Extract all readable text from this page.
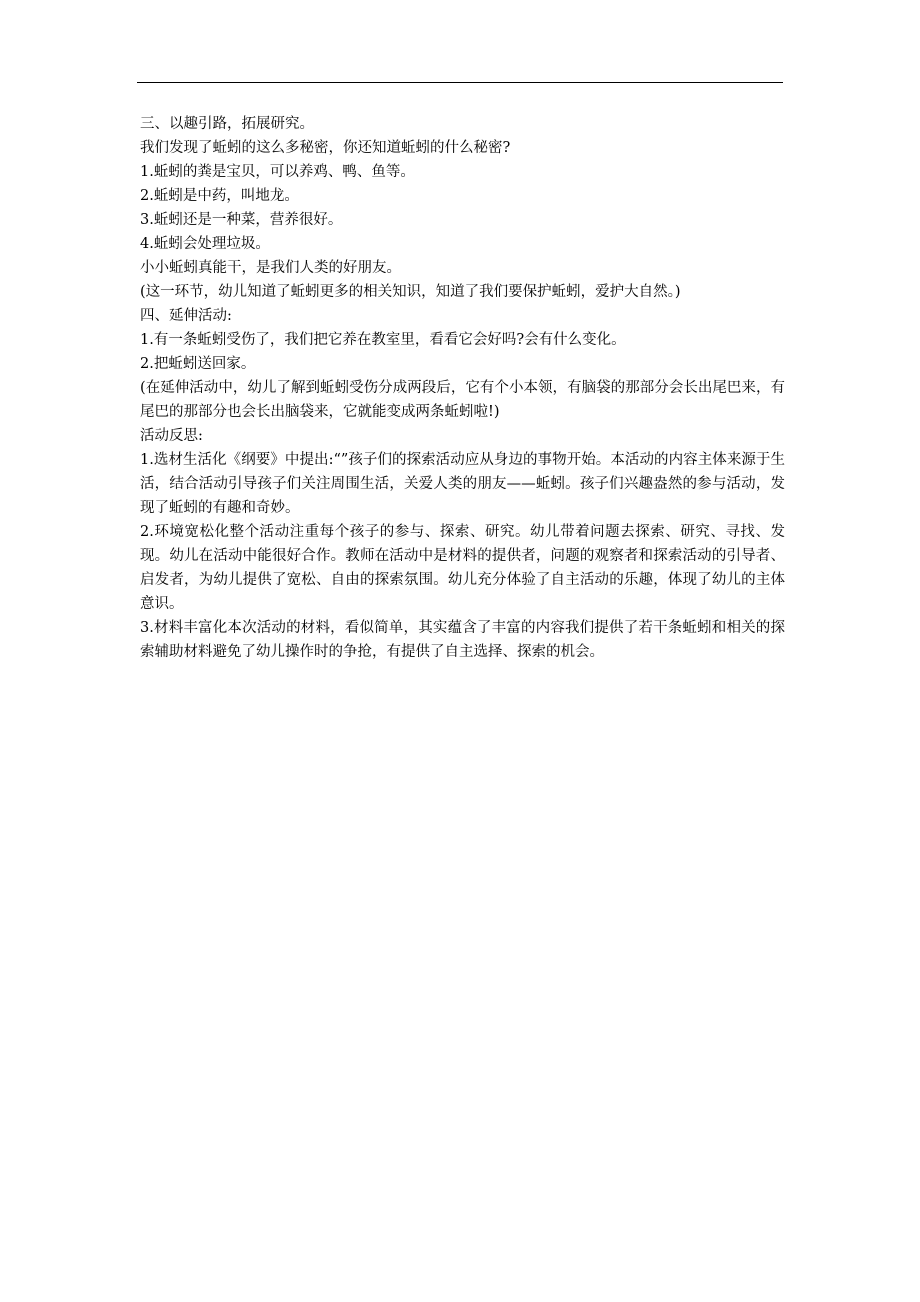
三、以趣引路，拓展研究。

我们发现了蚯蚓的这么多秘密，你还知道蚯蚓的什么秘密?

1.蚯蚓的粪是宝贝，可以养鸡、鸭、鱼等。

2.蚯蚓是中药，叫地龙。

3.蚯蚓还是一种菜，营养很好。

4.蚯蚓会处理垃圾。

小小蚯蚓真能干，是我们人类的好朋友。

(这一环节，幼儿知道了蚯蚓更多的相关知识，知道了我们要保护蚯蚓，爱护大自然。)

四、延伸活动:

1.有一条蚯蚓受伤了，我们把它养在教室里，看看它会好吗?会有什么变化。

2.把蚯蚓送回家。

(在延伸活动中，幼儿了解到蚯蚓受伤分成两段后，它有个小本领，有脑袋的那部分会长出尾巴来，有尾巴的那部分也会长出脑袋来，它就能变成两条蚯蚓啦!)

活动反思:

1.选材生活化《纲要》中提出:“”孩子们的探索活动应从身边的事物开始。本活动的内容主体来源于生活，结合活动引导孩子们关注周围生活，关爱人类的朋友——蚯蚓。孩子们兴趣盎然的参与活动，发现了蚯蚓的有趣和奇妙。

2.环境宽松化整个活动注重每个孩子的参与、探索、研究。幼儿带着问题去探索、研究、寻找、发现。幼儿在活动中能很好合作。教师在活动中是材料的提供者，问题的观察者和探索活动的引导者、启发者，为幼儿提供了宽松、自由的探索氛围。幼儿充分体验了自主活动的乐趣，体现了幼儿的主体意识。

3.材料丰富化本次活动的材料，看似简单，其实蕴含了丰富的内容我们提供了若干条蚯蚓和相关的探索辅助材料避免了幼儿操作时的争抢，有提供了自主选择、探索的机会。
